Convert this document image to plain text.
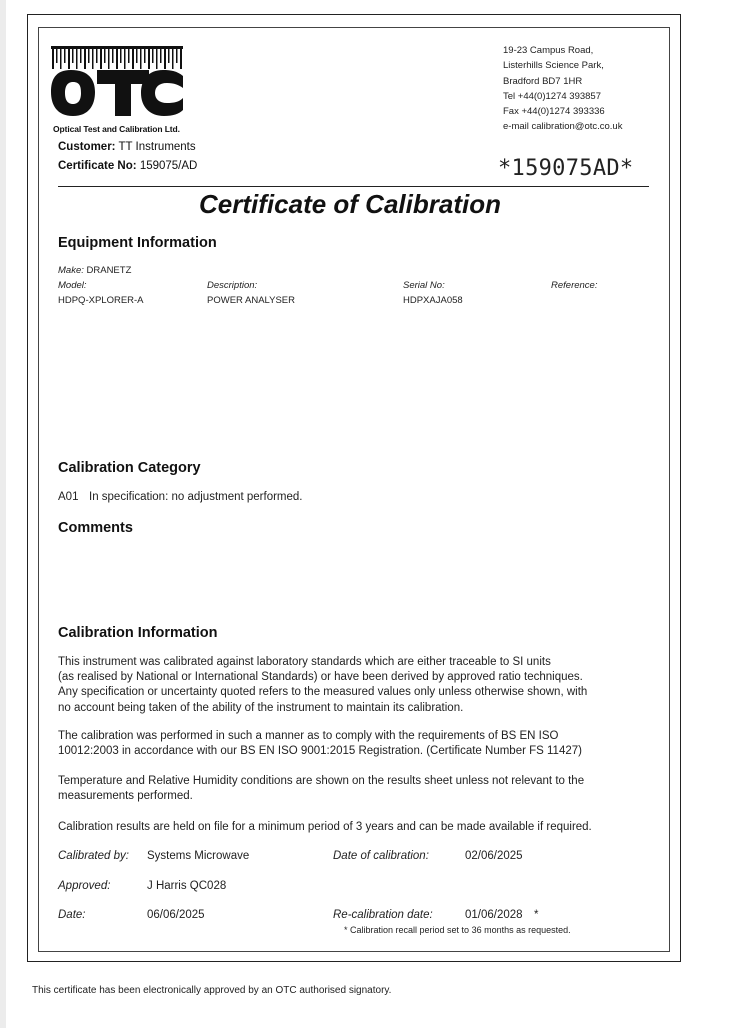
Optical Test and Calibration Ltd.
19-23 Campus Road,
Listerhills Science Park,
Bradford BD7 1HR
Tel +44(0)1274 393857
Fax +44(0)1274 393336
e-mail calibration@otc.co.uk
Customer: TT Instruments
Certificate No: 159075/AD	*159075AD*
Certificate of Calibration
Equipment Information
Make: DRANETZ
Model:	Description:	Serial No:	Reference:
HDPQ-XPLORER-A	POWER ANALYSER	HDPXAJA058
Calibration Category
A01 In specification: no adjustment performed.
Comments
Calibration Information
This instrument was calibrated against laboratory standards which are either traceable to SI units
(as realised by National or International Standards) or have been derived by approved ratio techniques.
Any specification or uncertainty quoted refers to the measured values only unless otherwise shown, with
no account being taken of the ability of the instrument to maintain its calibration.
The calibration was performed in such a manner as to comply with the requirements of BS EN ISO
10012:2003 in accordance with our BS EN ISO 9001:2015 Registration. (Certificate Number FS 11427)
Temperature and Relative Humidity conditions are shown on the results sheet unless not relevant to the
measurements performed.
Calibration results are held on file for a minimum period of 3 years and can be made available if required.
Calibrated by: Systems Microwave	Date of calibration:	02/06/2025
Approved:	J Harris QC028
Date:	06/06/2025	Re-calibration date:	01/06/2028 *
* Calibration recall period set to 36 months as requested.
This certificate has been electronically approved by an OTC authorised signatory.
